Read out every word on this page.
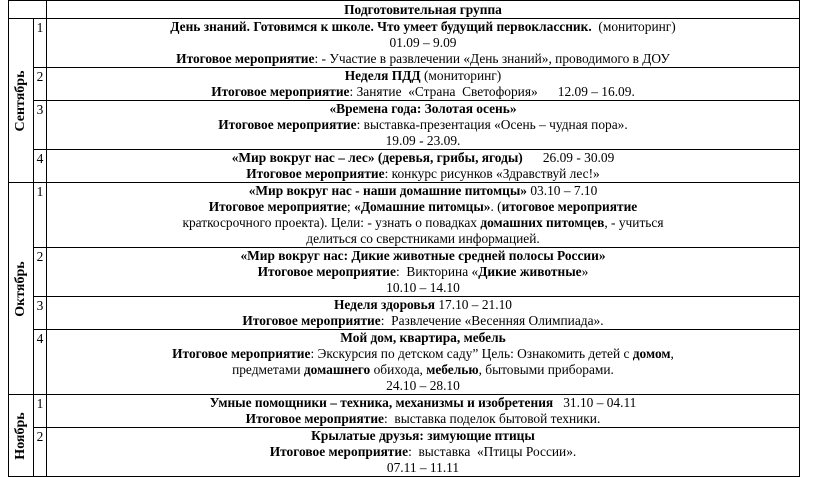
		Подготовительная группа

Сентябрь	1	День знаний. Готовимся к школе. Что умеет будущий первоклассник.  (мониторинг)
01.09 – 9.09
Итоговое мероприятие: - Участие в развлечении «День знаний», проводимого в ДОУ

	2	Неделя ПДД (мониторинг)
Итоговое мероприятие: Занятие  «Страна  Светофория»      12.09 – 16.09.

	3	«Времена года: Золотая осень»
Итоговое мероприятие: выставка-презентация «Осень – чудная пора».
19.09 - 23.09.

	4	«Мир вокруг нас – лес» (деревья, грибы, ягоды)      26.09 - 30.09
Итоговое мероприятие: конкурс рисунков «Здравствуй лес!»

Октябрь	1	«Мир вокруг нас - наши домашние питомцы» 03.10 – 7.10
Итоговое мероприятие; «Домашние питомцы». (итоговое мероприятие
краткосрочного проекта). Цели: - узнать о повадках домашних питомцев, - учиться
делиться со сверстниками информацией.

	2	«Мир вокруг нас: Дикие животные средней полосы России»
Итоговое мероприятие:  Викторина «Дикие животные»
10.10 – 14.10

	3	Неделя здоровья 17.10 – 21.10
Итоговое мероприятие:  Развлечение «Весенняя Олимпиада».

	4	Мой дом, квартира, мебель
Итоговое мероприятие: Экскурсия по детском саду” Цель: Ознакомить детей с домом,
предметами домашнего обихода, мебелью, бытовыми приборами.
24.10 – 28.10

Ноябрь	1	Умные помощники – техника, механизмы и изобретения   31.10 – 04.11
Итоговое мероприятие:  выставка поделок бытовой техники.

	2	Крылатые друзья: зимующие птицы
Итоговое мероприятие:  выставка  «Птицы России».
07.11 – 11.11
